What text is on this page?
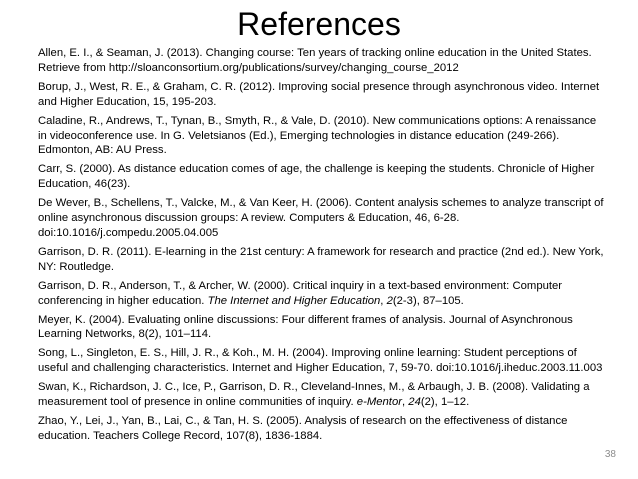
References
Allen, E. I., & Seaman, J. (2013). Changing course: Ten years of tracking online education in the United States. Retrieve from http://sloanconsortium.org/publications/survey/changing_course_2012
Borup, J., West, R. E., & Graham, C. R. (2012). Improving social presence through asynchronous video. Internet and Higher Education, 15, 195-203.
Caladine, R., Andrews, T., Tynan, B., Smyth, R., & Vale, D. (2010). New communications options: A renaissance in videoconference use. In G. Veletsianos (Ed.), Emerging technologies in distance education (249-266). Edmonton, AB: AU Press.
Carr, S. (2000). As distance education comes of age, the challenge is keeping the students. Chronicle of Higher Education, 46(23).
De Wever, B., Schellens, T., Valcke, M., & Van Keer, H. (2006). Content analysis schemes to analyze transcript of online asynchronous discussion groups: A review. Computers & Education, 46, 6-28. doi:10.1016/j.compedu.2005.04.005
Garrison, D. R. (2011). E-learning in the 21st century: A framework for research and practice (2nd ed.). New York, NY: Routledge.
Garrison, D. R., Anderson, T., & Archer, W. (2000). Critical inquiry in a text-based environment: Computer conferencing in higher education. The Internet and Higher Education, 2(2-3), 87–105.
Meyer, K. (2004). Evaluating online discussions: Four different frames of analysis. Journal of Asynchronous Learning Networks, 8(2), 101–114.
Song, L., Singleton, E. S., Hill, J. R., & Koh., M. H. (2004). Improving online learning: Student perceptions of useful and challenging characteristics. Internet and Higher Education, 7, 59-70. doi:10.1016/j.iheduc.2003.11.003
Swan, K., Richardson, J. C., Ice, P., Garrison, D. R., Cleveland-Innes, M., & Arbaugh, J. B. (2008). Validating a measurement tool of presence in online communities of inquiry. e-Mentor, 24(2), 1–12.
Zhao, Y., Lei, J., Yan, B., Lai, C., & Tan, H. S. (2005). Analysis of research on the effectiveness of distance education. Teachers College Record, 107(8), 1836-1884.
38
